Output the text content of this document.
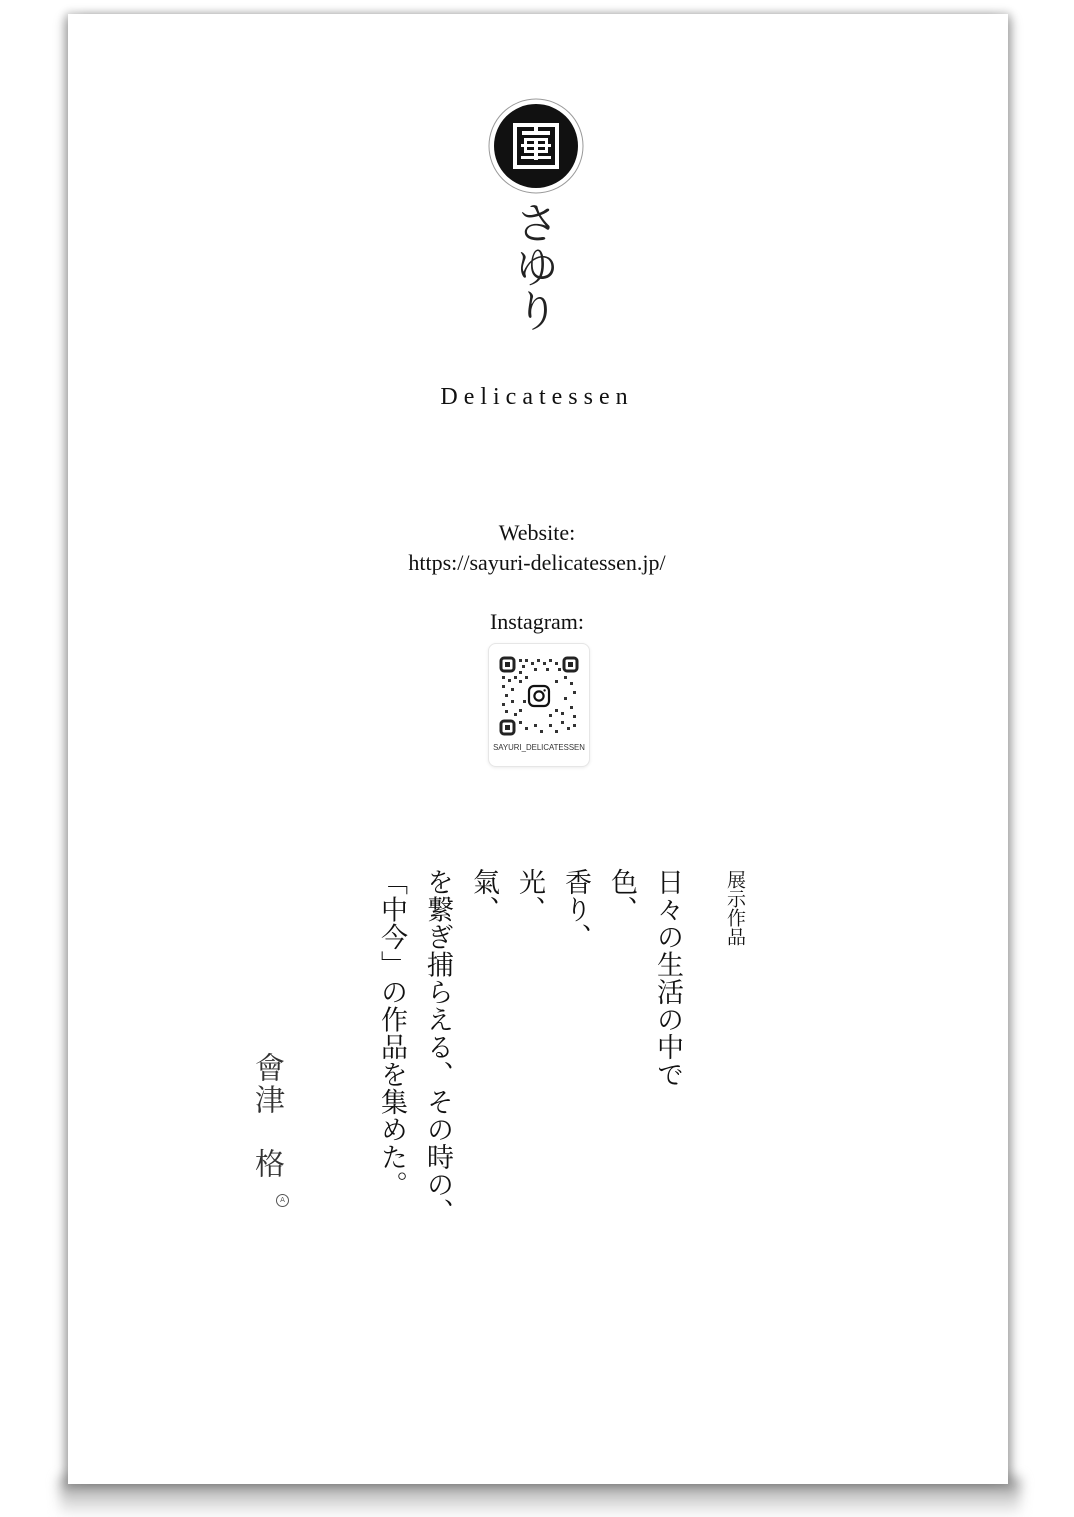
さゆり
Delicatessen
Website:
https://sayuri-delicatessen.jp/
Instagram:
SAYURI_DELICATESSEN
展示作品
日々の生活の中で
色、
香り、
光、
氣、
を繋ぎ捕らえる、その時の、
「中今」の作品を集めた。
會津　格
A
